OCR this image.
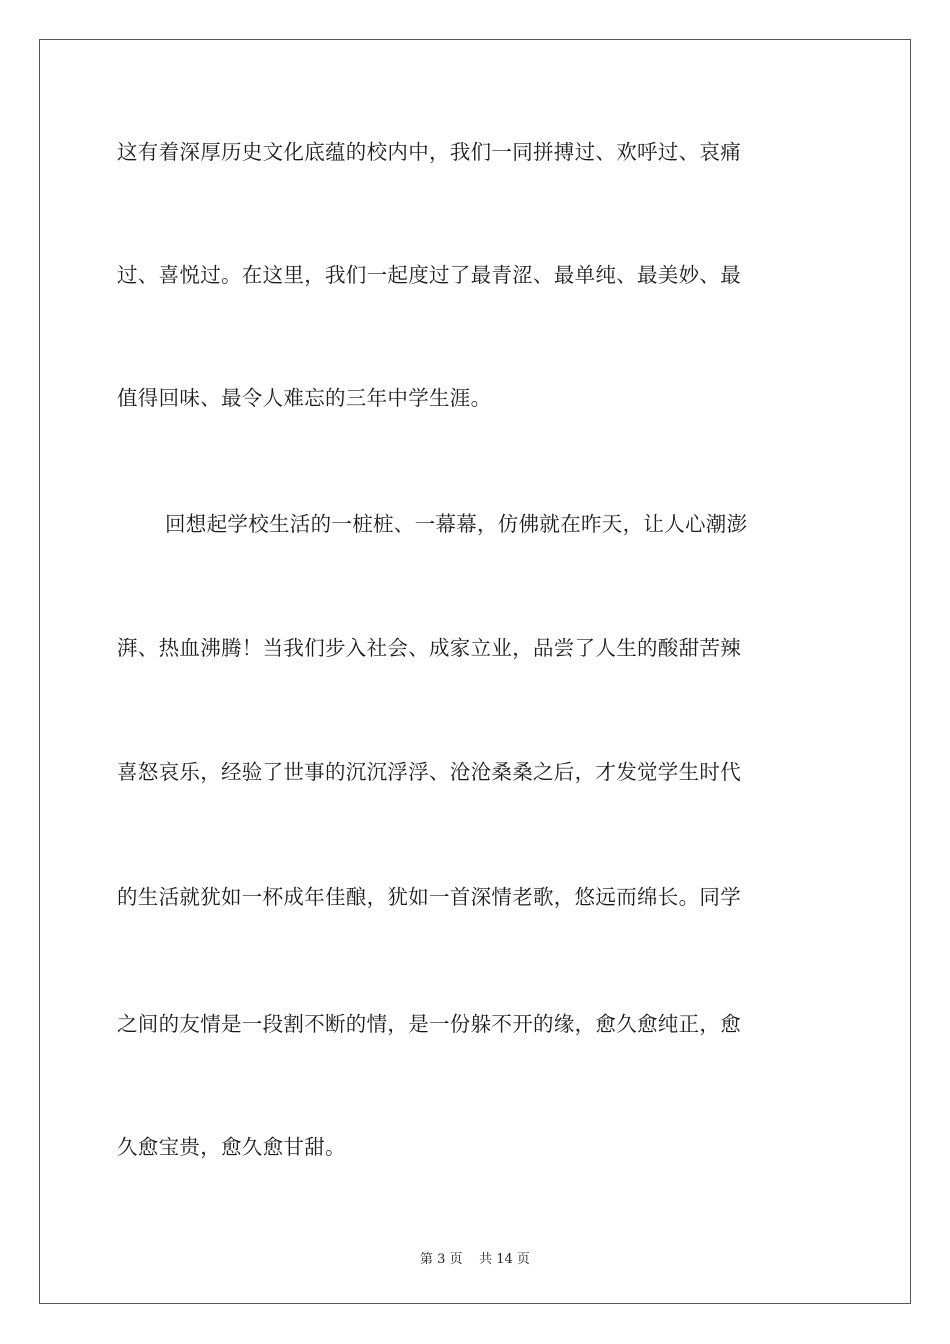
这有着深厚历史文化底蕴的校内中，我们一同拼搏过、欢呼过、哀痛
过、喜悦过。在这里，我们一起度过了最青涩、最单纯、最美妙、最
值得回味、最令人难忘的三年中学生涯。
回想起学校生活的一桩桩、一幕幕，仿佛就在昨天，让人心潮澎
湃、热血沸腾！当我们步入社会、成家立业，品尝了人生的酸甜苦辣
喜怒哀乐，经验了世事的沉沉浮浮、沧沧桑桑之后，才发觉学生时代
的生活就犹如一杯成年佳酿，犹如一首深情老歌，悠远而绵长。同学
之间的友情是一段割不断的情，是一份躲不开的缘，愈久愈纯正，愈
久愈宝贵，愈久愈甘甜。
第 3 页 共 14 页
